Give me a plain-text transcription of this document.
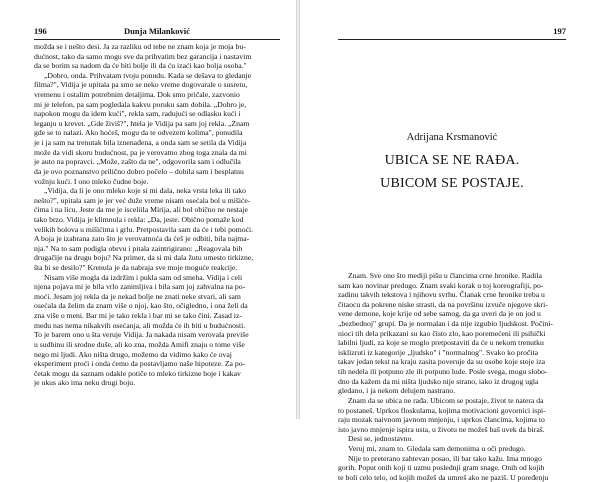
196	Dunja Milanković
možda se i nešto desi. Ja za razliku od tebe ne znam koja je moja bu-
dućnost, tako da samo mogu sve da prihvatim bez garancija i nastavim
da se borim sa nadom da će biti bolje ili da ću izaći kao bolja osoba."
„Dobro, onda. Prihvatam tvoju ponudu. Kada se dešava to gledanje
filma?", Vidija je upitala pa smo se neko vreme dogovarale o susretu,
vremenu i ostalim potrebnim detaljima. Dok smo pričale, zazvonio
mi je telefon, pa sam pogledala kakvu poruku sam dobila. „Dobro je,
napokon mogu da idem kući", rekla sam, radujući se odlasku kući i
leganju u krevet. „Gde živiš?", htela je Vidija pa sam joj rekla. „Znam
gde se to nalazi. Ako hoćeš, mogu da te odvezem kolima", ponudila
je i ja sam na trenutak bila iznenađena, a onda sam se setila da Vidija
može da vidi skoru budućnost, pa je verovatno zbog toga znala da mi
je auto na popravci. „Može, zašto da ne", odgovorila sam i odlučila
da je ovo poznanstvo prilično dobro počelo – dobila sam i besplatnu
vožnju kući. I ono mleko čudne boje.
„Vidija, da li je ono mleko koje si mi dala, neka vrsta leka ili tako
nešto?", upitala sam je jer već duže vreme nisam osećala bol u mišiće-
ćima i na licu. Jeste da me je isceliila Mirija, ali bol obično ne nestaje
tako brzo. Vidija je klimnula i rekla: „Da, jeste. Obično pomaže kod
velikih bolova u mišićima i grlu. Pretpostavila sam da će i tebi pomoći.
A boja je izabrana zato što je verovatnoća da ćeš je odbiti, bila najma-
nja." Na to sam podigla obrvu i pitala zaintrigirano: „Reagovala bih
drugačije na drugu boju? Na primer, da si mi dala žutu umesto tirkizne,
šta bi se desilo?" Krenula je da nabraja sve moje moguće reakcije.
Nisam više mogla da izdržim i pukla sam od smeha. Vidija i celi
njena pojava mi je bila vrlo zanimljiva i bila sam joj zahvalna na po-
moći. Jesam joj rekla da je nekad bolje ne znati neke stvari, ali sam
osećala da želim da znam više o njoj, kao što, očigledno, i ona želi da
zna više o meni. Bar mi je tako rekla i bar mi se tako čini. Zasad iz-
među nas nema nikakvih osećanja, ali možda će ih biti u budućnosti.
To je barem ono u šta veruje Vidija. Ja nakada nisam verovala previše
u sudbinu ili srodne duše, ali ko zna, možda Amifi znaju o tome više
nego mi ljudi. Ako ništa drugo, možemo da vidimo kako će ovaj
eksperiment proći i onda ćemo da postavljamo naše hipoteze. Za po-
četak mogu da saznam odakle potiče to mleko tirkizne boje i kakav
je ukus ako ima neku drugi boju.
197
Adrijana Krsmanović
UBICA SE NE RAĐA.
UBICOM SE POSTAJE.
Znam. Sve ono što mediji pišu u člancima crne hronike. Radila
sam kao novinar predugo. Znam svaki korak u toj koreografiji, po-
zadinu takvih tekstova i njihovu svrhu. Članak crne hronike treba u
čitaocu da pokrene niske strasti, da na površinu izvuče njegove skri-
vene demone, koje krije od sebe samog, da ga uveri da je on jod u
„bezbednoj" grupi. Da je normalan i da nije izgubio ljudskost. Počini-
nioci tih dela prikazani su kao čisto zlo, kao poremećeni ili psihički
labilni ljudi, za koje se moglo pretpostaviti da će u nekom trenutku
isklizruti iz kategorije „ljudsko" i "normalnog". Svako ko pročita
takav jedan tekst na kraju zasita poveruje da su osobe koje stoje iza
tih nedela ili potpuno zle ili potpuno lude. Posle svega, mogu slobo-
dno da kažem da mi ništa ljudsko nije strano, iako iz drugog ugla
gledano, i ja nekom delujem nastrano.
Znam da se ubica ne rađa. Ubicom se postaje, život te natera da
to postaneš. Uprkos floskulama, kojima motivacioni govornici ispi-
raju mozak naivnom javnom mnjenju, i uprkos člancima, kojima to
isto javno mnjenje ispira usta, u životu ne možeš baš uvek da biraš.
Desi se, jednostavno.
Veruj mi, znam to. Gledala sam demonima u oči predugo.
Nije to preterano zahtevan posao, ili bar tako kažu. Ima mnogo
gorih. Poput onih koji ti uzmu poslednji gram snage. Onih od kojih
te boli celo telo, od kojih možeš da umreš ako ne paziš. U poređenju
